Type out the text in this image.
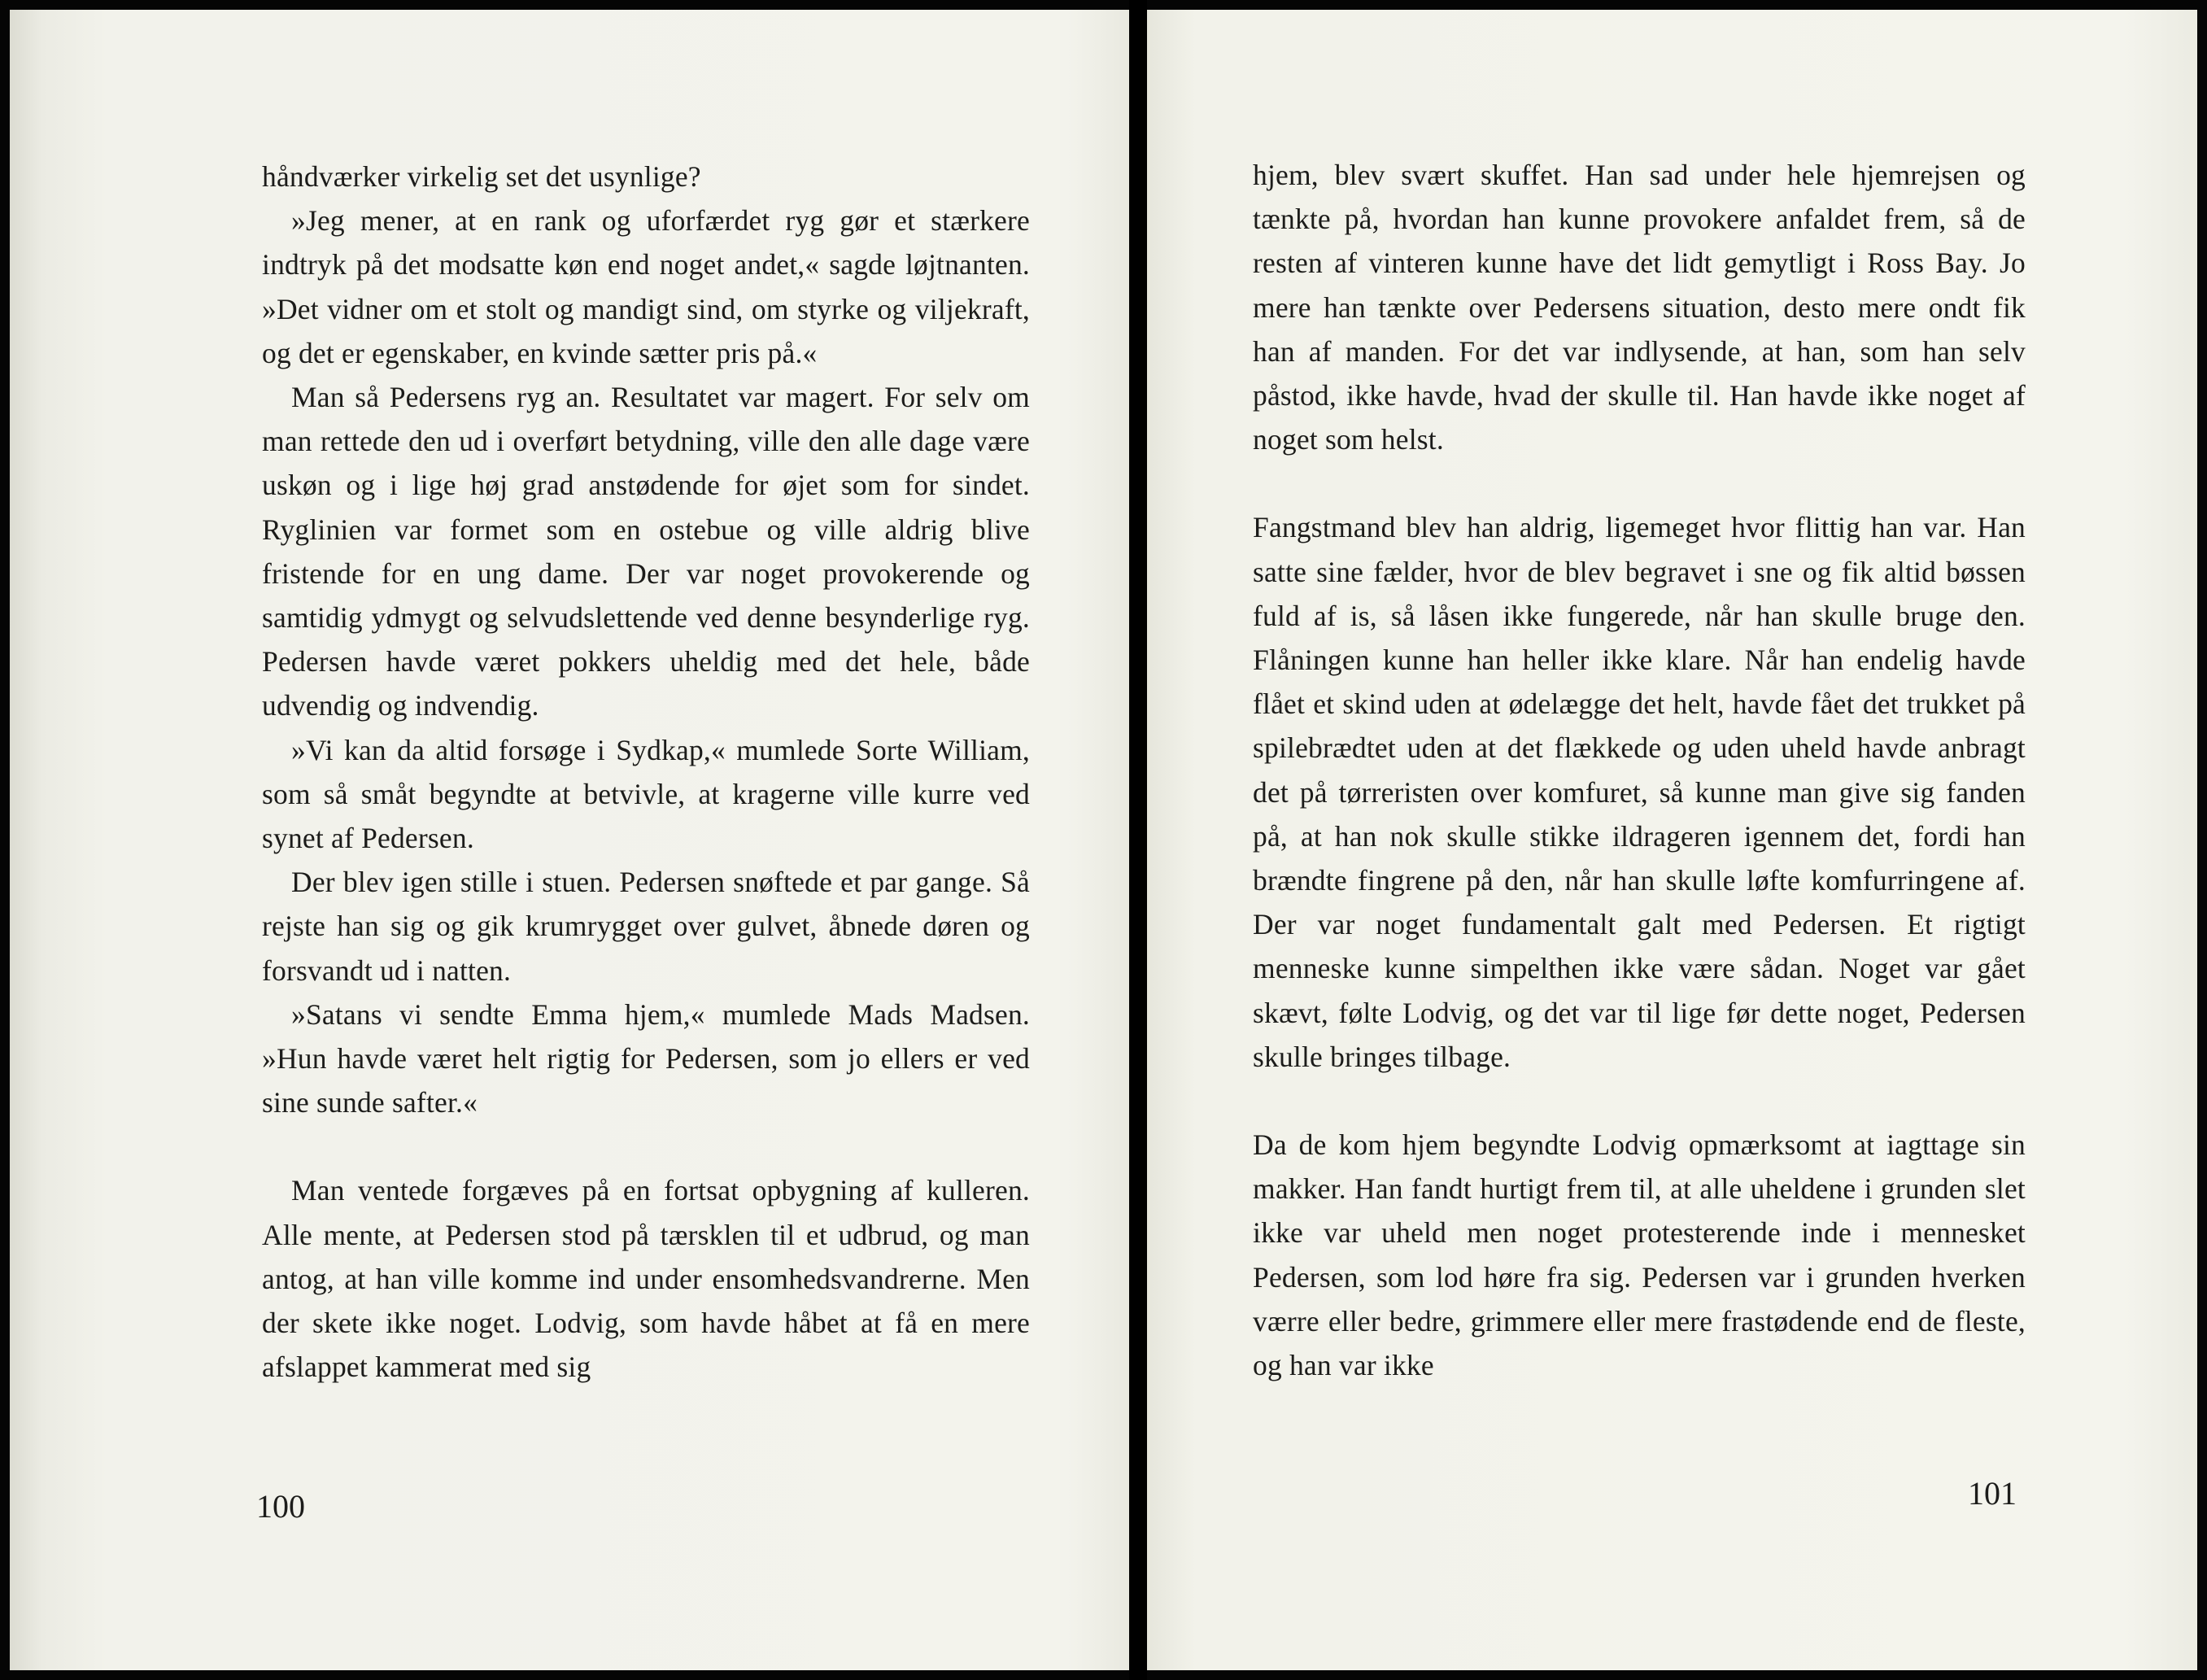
håndværker virkelig set det usynlige?

»Jeg mener, at en rank og uforfærdet ryg gør et stærkere indtryk på det modsatte køn end noget andet,« sagde løjtnanten. »Det vidner om et stolt og mandigt sind, om styrke og viljekraft, og det er egenskaber, en kvinde sætter pris på.«

Man så Pedersens ryg an. Resultatet var magert. For selv om man rettede den ud i overført betydning, ville den alle dage være uskøn og i lige høj grad anstødende for øjet som for sindet. Ryglinien var formet som en ostebue og ville aldrig blive fristende for en ung dame. Der var noget provokerende og samtidig ydmygt og selvudslettende ved denne besynderlige ryg. Pedersen havde været pokkers uheldig med det hele, både udvendig og indvendig.

»Vi kan da altid forsøge i Sydkap,« mumlede Sorte William, som så småt begyndte at betvivle, at kragerne ville kurre ved synet af Pedersen.

Der blev igen stille i stuen. Pedersen snøftede et par gange. Så rejste han sig og gik krumrygget over gulvet, åbnede døren og forsvandt ud i natten.

»Satans vi sendte Emma hjem,« mumlede Mads Madsen. »Hun havde været helt rigtig for Pedersen, som jo ellers er ved sine sunde safter.«

Man ventede forgæves på en fortsat opbygning af kulleren. Alle mente, at Pedersen stod på tærsklen til et udbrud, og man antog, at han ville komme ind under ensomhedsvandrerne. Men der skete ikke noget. Lodvig, som havde håbet at få en mere afslappet kammerat med sig

100

hjem, blev svært skuffet. Han sad under hele hjemrejsen og tænkte på, hvordan han kunne provokere anfaldet frem, så de resten af vinteren kunne have det lidt gemytligt i Ross Bay. Jo mere han tænkte over Pedersens situation, desto mere ondt fik han af manden. For det var indlysende, at han, som han selv påstod, ikke havde, hvad der skulle til. Han havde ikke noget af noget som helst.

Fangstmand blev han aldrig, ligemeget hvor flittig han var. Han satte sine fælder, hvor de blev begravet i sne og fik altid bøssen fuld af is, så låsen ikke fungerede, når han skulle bruge den. Flåningen kunne han heller ikke klare. Når han endelig havde flået et skind uden at ødelægge det helt, havde fået det trukket på spilebrædtet uden at det flækkede og uden uheld havde anbragt det på tørreristen over komfuret, så kunne man give sig fanden på, at han nok skulle stikke ildrageren igennem det, fordi han brændte fingrene på den, når han skulle løfte komfurringene af. Der var noget fundamentalt galt med Pedersen. Et rigtigt menneske kunne simpelthen ikke være sådan. Noget var gået skævt, følte Lodvig, og det var til lige før dette noget, Pedersen skulle bringes tilbage.

Da de kom hjem begyndte Lodvig opmærksomt at iagttage sin makker. Han fandt hurtigt frem til, at alle uheldene i grunden slet ikke var uheld men noget protesterende inde i mennesket Pedersen, som lod høre fra sig. Pedersen var i grunden hverken værre eller bedre, grimmere eller mere frastødende end de fleste, og han var ikke

101
